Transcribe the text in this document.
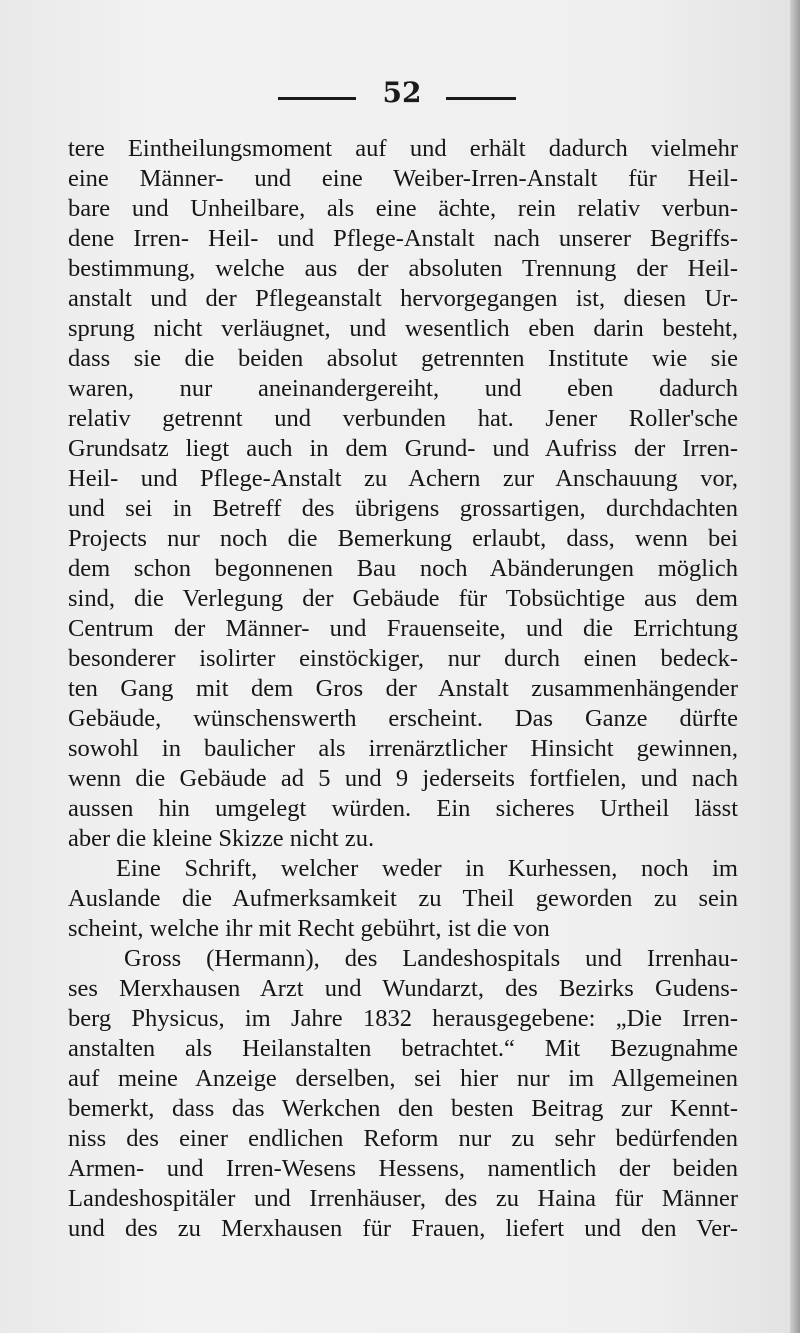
52
tere Eintheilungsmoment auf und erhält dadurch vielmehr
eine Männer- und eine Weiber-Irren-Anstalt für Heil-
bare und Unheilbare, als eine ächte, rein relativ verbun-
dene Irren- Heil- und Pflege-Anstalt nach unserer Begriffs-
bestimmung, welche aus der absoluten Trennung der Heil-
anstalt und der Pflegeanstalt hervorgegangen ist, diesen Ur-
sprung nicht verläugnet, und wesentlich eben darin besteht,
dass sie die beiden absolut getrennten Institute wie sie
waren, nur aneinandergereiht, und eben dadurch
relativ getrennt und verbunden hat. Jener Roller'sche
Grundsatz liegt auch in dem Grund- und Aufriss der Irren-
Heil- und Pflege-Anstalt zu Achern zur Anschauung vor,
und sei in Betreff des übrigens grossartigen, durchdachten
Projects nur noch die Bemerkung erlaubt, dass, wenn bei
dem schon begonnenen Bau noch Abänderungen möglich
sind, die Verlegung der Gebäude für Tobsüchtige aus dem
Centrum der Männer- und Frauenseite, und die Errichtung
besonderer isolirter einstöckiger, nur durch einen bedeck-
ten Gang mit dem Gros der Anstalt zusammenhängender
Gebäude, wünschenswerth erscheint. Das Ganze dürfte
sowohl in baulicher als irrenärztlicher Hinsicht gewinnen,
wenn die Gebäude ad 5 und 9 jederseits fortfielen, und nach
aussen hin umgelegt würden. Ein sicheres Urtheil lässt
aber die kleine Skizze nicht zu.
Eine Schrift, welcher weder in Kurhessen, noch im
Auslande die Aufmerksamkeit zu Theil geworden zu sein
scheint, welche ihr mit Recht gebührt, ist die von
Gross (Hermann), des Landeshospitals und Irrenhau-
ses Merxhausen Arzt und Wundarzt, des Bezirks Gudens-
berg Physicus, im Jahre 1832 herausgegebene: „Die Irren-
anstalten als Heilanstalten betrachtet.“ Mit Bezugnahme
auf meine Anzeige derselben, sei hier nur im Allgemeinen
bemerkt, dass das Werkchen den besten Beitrag zur Kennt-
niss des einer endlichen Reform nur zu sehr bedürfenden
Armen- und Irren-Wesens Hessens, namentlich der beiden
Landeshospitäler und Irrenhäuser, des zu Haina für Männer
und des zu Merxhausen für Frauen, liefert und den Ver-
